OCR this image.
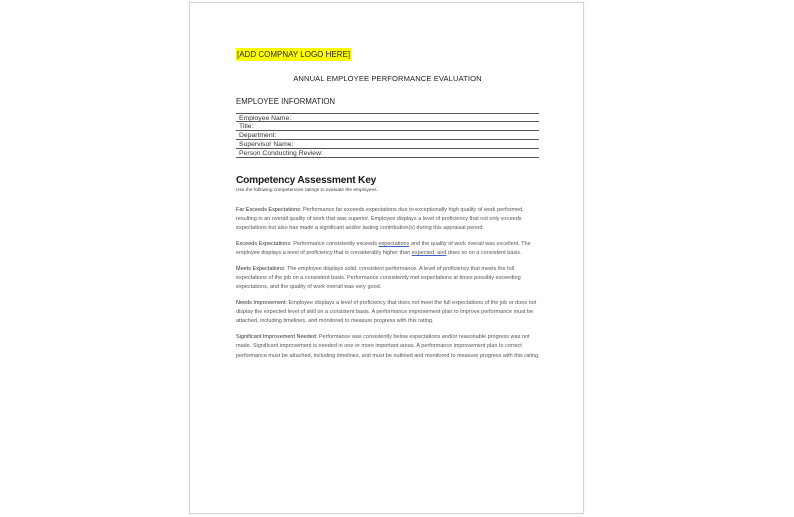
[ADD COMPNAY LOGO HERE]
ANNUAL EMPLOYEE PERFORMANCE EVALUATION
EMPLOYEE INFORMATION
Employee Name:
Title:
Department:
Supervisor Name:
Person Conducting Review:
Competency Assessment Key
Use the following competencies ratings to evaluate the employees.

Far Exceeds Expectations: Performance far exceeds expectations due to exceptionally high quality of work performed, resulting in an overall quality of work that was superior. Employee displays a level of proficiency that not only exceeds expectations but also has made a significant and/or lasting contribution(s) during this appraisal period.

Exceeds Expectations: Performance consistently exceeds expectations and the quality of work overall was excellent. The employee displays a level of proficiency that is considerably higher than expected, and does so on a consistent basis.

Meets Expectations: The employee displays solid, consistent performance. A level of proficiency that meets the full expectations of the job on a consistent basis. Performance consistently met expectations at times possibly exceeding expectations, and the quality of work overall was very good.

Needs Improvement: Employee displays a level of proficiency that does not meet the full expectations of the job or does not display the expected level of skill on a consistent basis. A performance improvement plan to improve performance must be attached, including timelines, and monitored to measure progress with this rating.

Significant Improvement Needed: Performance was consistently below expectations and/or reasonable progress was not made. Significant improvement is needed in one or more important areas. A performance improvement plan to correct performance must be attached, including timelines, and must be outlined and monitored to measure progress with this rating.
